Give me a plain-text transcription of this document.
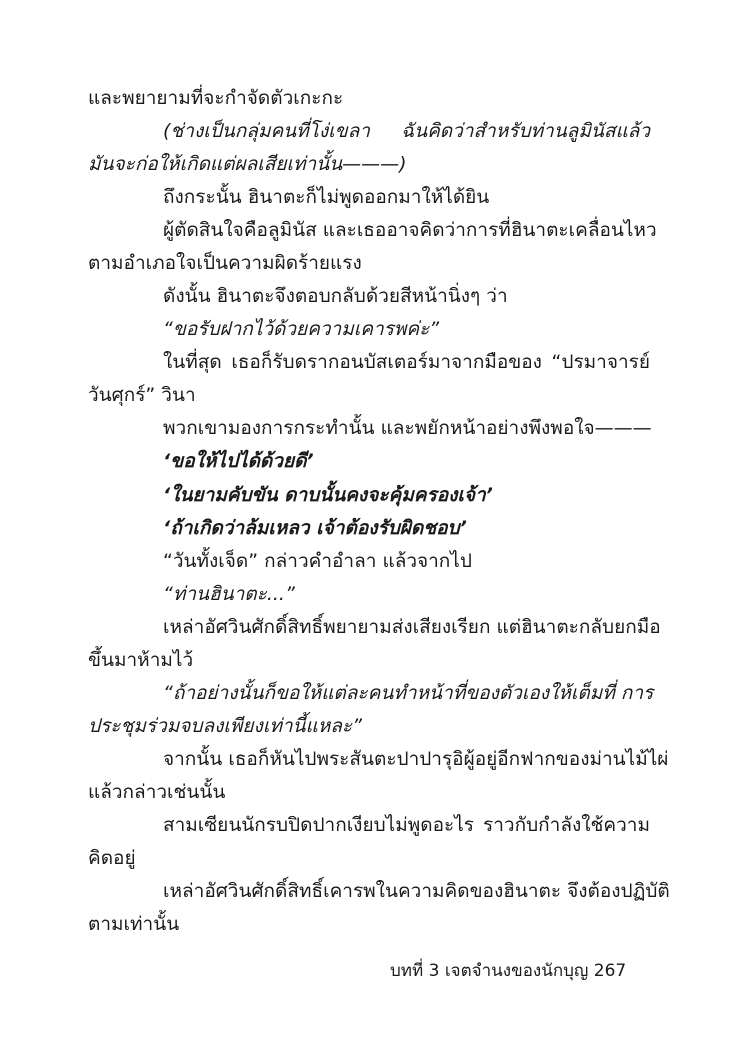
และพยายามที่จะกำจัดตัวเกะกะ
(ช่างเป็นกลุ่มคนที่โง่เขลา ฉันคิดว่าสำหรับท่านลูมินัสแล้ว
มันจะก่อให้เกิดแต่ผลเสียเท่านั้น———)
ถึงกระนั้น ฮินาตะก็ไม่พูดออกมาให้ได้ยิน
ผู้ตัดสินใจคือลูมินัส และเธออาจคิดว่าการที่ฮินาตะเคลื่อนไหว
ตามอำเภอใจเป็นความผิดร้ายแรง
ดังนั้น ฮินาตะจึงตอบกลับด้วยสีหน้านิ่งๆ ว่า
“ขอรับฝากไว้ด้วยความเคารพค่ะ”
ในที่สุด เธอก็รับดรากอนบัสเตอร์มาจากมือของ “ปรมาจารย์
วันศุกร์” วินา
พวกเขามองการกระทำนั้น และพยักหน้าอย่างพึงพอใจ———
‘ขอให้ไปได้ด้วยดี’
‘ในยามคับขัน ดาบนั้นคงจะคุ้มครองเจ้า’
‘ถ้าเกิดว่าล้มเหลว เจ้าต้องรับผิดชอบ’
“วันทั้งเจ็ด” กล่าวคำอำลา แล้วจากไป
“ท่านฮินาตะ...”
เหล่าอัศวินศักดิ์สิทธิ์พยายามส่งเสียงเรียก แต่ฮินาตะกลับยกมือ
ขึ้นมาห้ามไว้
“ถ้าอย่างนั้นก็ขอให้แต่ละคนทำหน้าที่ของตัวเองให้เต็มที่ การ
ประชุมร่วมจบลงเพียงเท่านี้แหละ”
จากนั้น เธอก็หันไปพระสันตะปาปารุอิผู้อยู่อีกฟากของม่านไม้ไผ่
แล้วกล่าวเช่นนั้น
สามเซียนนักรบปิดปากเงียบไม่พูดอะไร ราวกับกำลังใช้ความ
คิดอยู่
เหล่าอัศวินศักดิ์สิทธิ์เคารพในความคิดของฮินาตะ จึงต้องปฏิบัติ
ตามเท่านั้น
บทที่ 3 เจตจำนงของนักบุญ 267
